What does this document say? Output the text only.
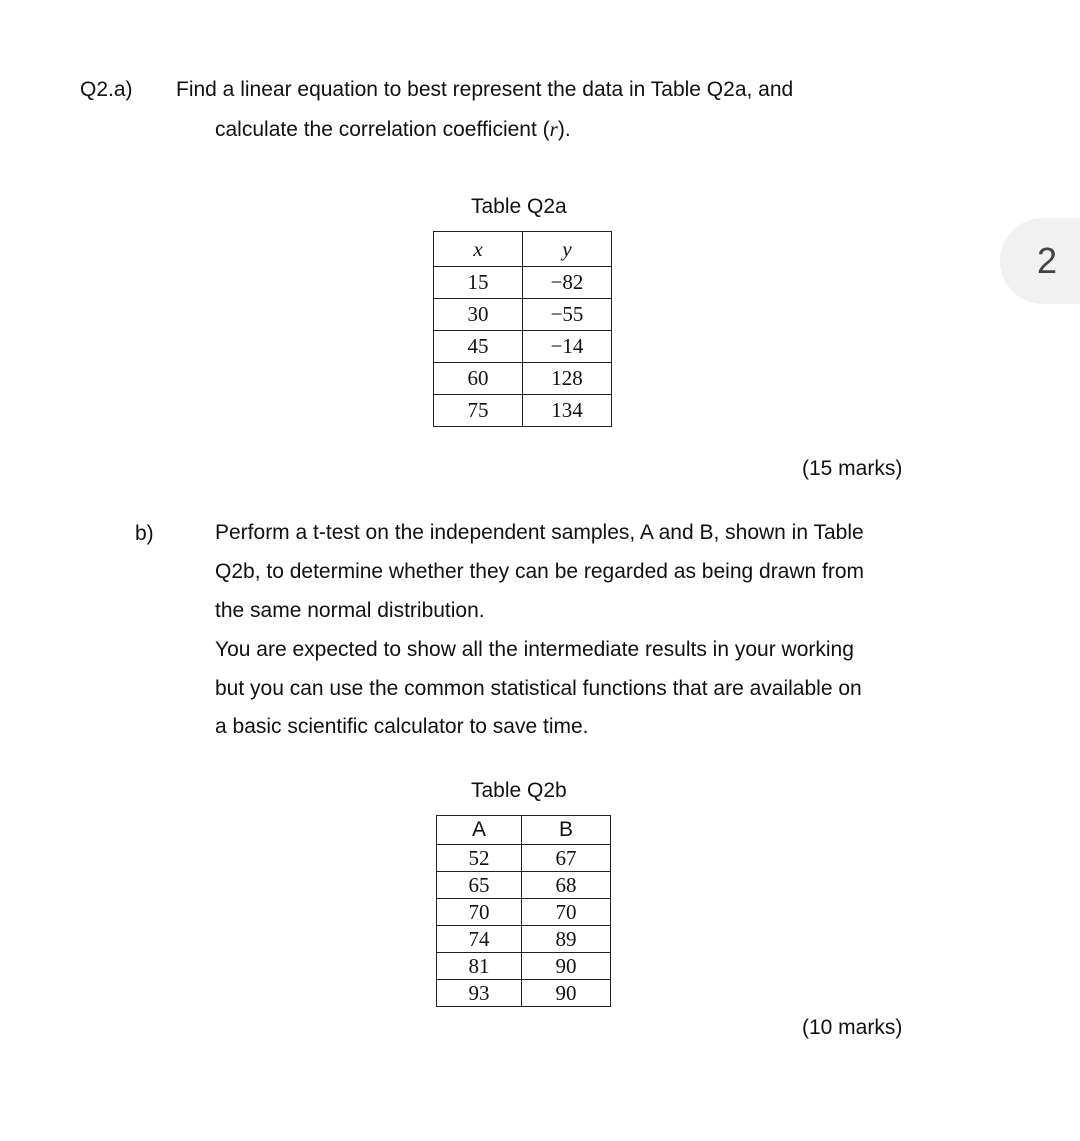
Q2.a) Find a linear equation to best represent the data in Table Q2a, and
calculate the correlation coefficient (r).
Table Q2a
x	y
15	−82
30	−55
45	−14
60	128
75	134
(15 marks)
2
b)	Perform a t-test on the independent samples, A and B, shown in Table
Q2b, to determine whether they can be regarded as being drawn from
the same normal distribution.
You are expected to show all the intermediate results in your working
but you can use the common statistical functions that are available on
a basic scientific calculator to save time.
Table Q2b
A	B
52	67
65	68
70	70
74	89
81	90
93	90
(10 marks)
